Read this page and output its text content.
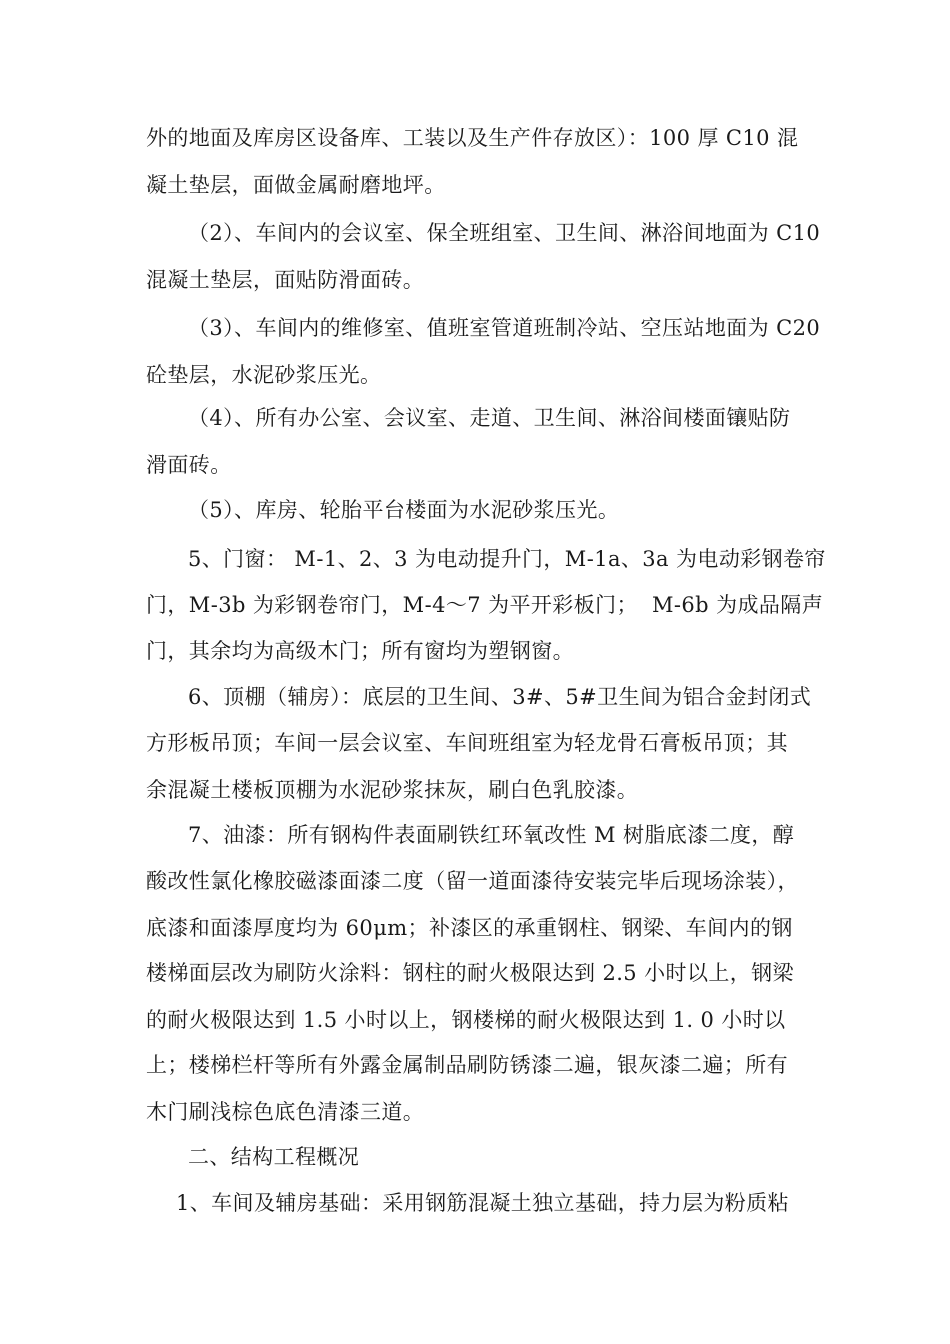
外的地面及库房区设备库、工装以及生产件存放区）：100 厚 C10 混
凝土垫层，面做金属耐磨地坪。
（2）、车间内的会议室、保全班组室、卫生间、淋浴间地面为 C10
混凝土垫层，面贴防滑面砖。
（3）、车间内的维修室、值班室管道班制冷站、空压站地面为 C20
砼垫层，水泥砂浆压光。
（4）、所有办公室、会议室、走道、卫生间、淋浴间楼面镶贴防
滑面砖。
（5）、库房、轮胎平台楼面为水泥砂浆压光。
5、门窗： M-1、2、3 为电动提升门，M-1a、3a 为电动彩钢卷帘
门，M-3b 为彩钢卷帘门，M-4～7 为平开彩板门；  M-6b 为成品隔声
门，其余均为高级木门；所有窗均为塑钢窗。
6、顶棚（辅房）：底层的卫生间、3#、5#卫生间为铝合金封闭式
方形板吊顶；车间一层会议室、车间班组室为轻龙骨石膏板吊顶；其
余混凝土楼板顶棚为水泥砂浆抹灰，刷白色乳胶漆。
7、油漆：所有钢构件表面刷铁红环氧改性 M 树脂底漆二度，醇
酸改性氯化橡胶磁漆面漆二度（留一道面漆待安装完毕后现场涂装），
底漆和面漆厚度均为 60μm；补漆区的承重钢柱、钢梁、车间内的钢
楼梯面层改为刷防火涂料：钢柱的耐火极限达到 2.5 小时以上，钢梁
的耐火极限达到 1.5 小时以上，钢楼梯的耐火极限达到 1. 0 小时以
上；楼梯栏杆等所有外露金属制品刷防锈漆二遍，银灰漆二遍；所有
木门刷浅棕色底色清漆三道。
二、结构工程概况
1、车间及辅房基础：采用钢筋混凝土独立基础，持力层为粉质粘
